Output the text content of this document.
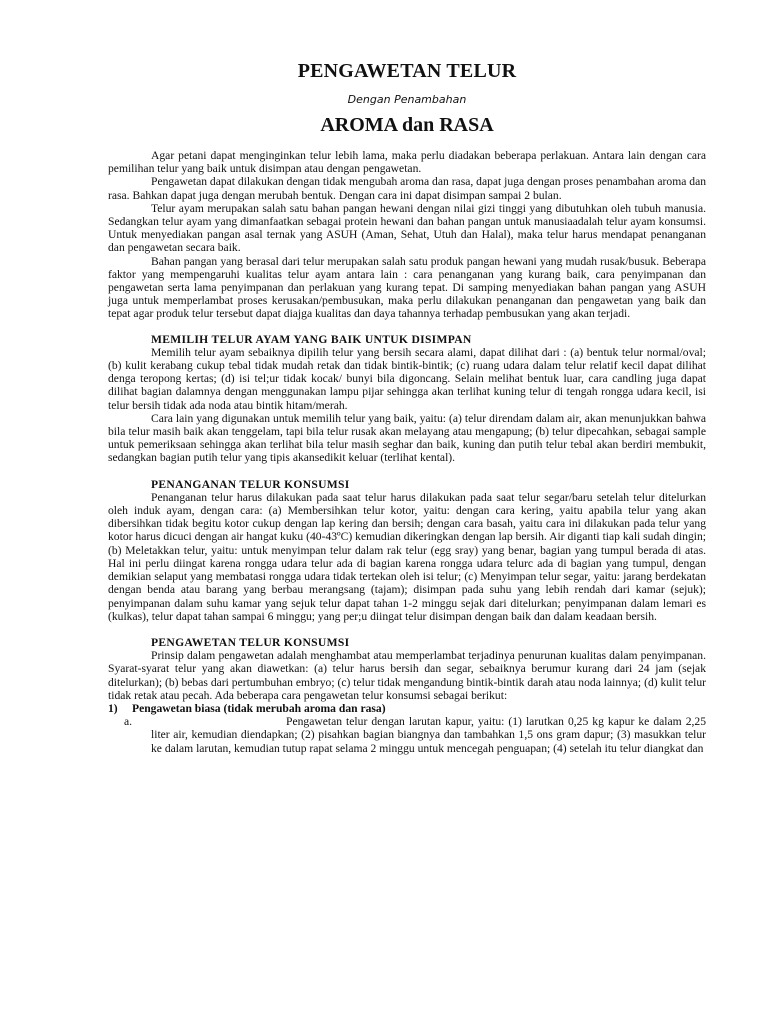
PENGAWETAN TELUR
Dengan Penambahan
AROMA dan RASA

Agar petani dapat menginginkan telur lebih lama, maka perlu diadakan beberapa perlakuan. Antara lain dengan cara pemilihan telur yang baik untuk disimpan atau dengan pengawetan.

Pengawetan dapat dilakukan dengan tidak mengubah aroma dan rasa, dapat juga dengan proses penambahan aroma dan rasa. Bahkan dapat juga dengan merubah bentuk. Dengan cara ini dapat disimpan sampai 2 bulan.

Telur ayam merupakan salah satu bahan pangan hewani dengan nilai gizi tinggi yang dibutuhkan oleh tubuh manusia. Sedangkan telur ayam yang dimanfaatkan sebagai protein hewani dan bahan pangan untuk manusiaadalah telur ayam konsumsi. Untuk menyediakan pangan asal ternak yang ASUH (Aman, Sehat, Utuh dan Halal), maka telur harus mendapat penanganan dan pengawetan secara baik.

Bahan pangan yang berasal dari telur merupakan salah satu produk pangan hewani yang mudah rusak/busuk. Beberapa faktor yang mempengaruhi kualitas telur ayam antara lain : cara penanganan yang kurang baik, cara penyimpanan dan pengawetan serta lama penyimpanan dan perlakuan yang kurang tepat. Di samping menyediakan bahan pangan yang ASUH juga untuk memperlambat proses kerusakan/pembusukan, maka perlu dilakukan penanganan dan pengawetan yang baik dan tepat agar produk telur tersebut dapat diajga kualitas dan daya tahannya terhadap pembusukan yang akan terjadi.

MEMILIH TELUR AYAM YANG BAIK UNTUK DISIMPAN

Memilih telur ayam sebaiknya dipilih telur yang bersih secara alami, dapat dilihat dari : (a) bentuk telur normal/oval; (b) kulit kerabang cukup tebal tidak mudah retak dan tidak bintik-bintik; (c) ruang udara dalam telur relatif kecil dapat dilihat denga teropong kertas; (d) isi tel;ur tidak kocak/ bunyi bila digoncang. Selain melihat bentuk luar, cara candling juga dapat dilihat bagian dalamnya dengan menggunakan lampu pijar sehingga akan terlihat kuning telur di tengah rongga udara kecil, isi telur bersih tidak ada noda atau bintik hitam/merah.

Cara lain yang digunakan untuk memilih telur yang baik, yaitu: (a) telur direndam dalam air, akan menunjukkan bahwa bila telur masih baik akan tenggelam, tapi bila telur rusak akan melayang atau mengapung; (b) telur dipecahkan, sebagai sample untuk pemeriksaan sehingga akan terlihat bila telur masih seghar dan baik, kuning dan putih telur tebal akan berdiri membukit, sedangkan bagian putih telur yang tipis akansedikit keluar (terlihat kental).

PENANGANAN TELUR KONSUMSI

Penanganan telur harus dilakukan pada saat telur harus dilakukan pada saat telur segar/baru setelah telur ditelurkan oleh induk ayam, dengan cara: (a) Membersihkan telur kotor, yaitu: dengan cara kering, yaitu apabila telur yang akan dibersihkan tidak begitu kotor cukup dengan lap kering dan bersih; dengan cara basah, yaitu cara ini dilakukan pada telur yang kotor harus dicuci dengan air hangat kuku (40-43ºC) kemudian dikeringkan dengan lap bersih. Air diganti tiap kali sudah dingin; (b) Meletakkan telur, yaitu: untuk menyimpan telur dalam rak telur (egg sray) yang benar, bagian yang tumpul berada di atas. Hal ini perlu diingat karena rongga udara telur ada di bagian karena rongga udara telurc ada di bagian yang tumpul, dengan demikian selaput yang membatasi rongga udara tidak tertekan oleh isi telur; (c) Menyimpan telur segar, yaitu: jarang berdekatan dengan benda atau barang yang berbau merangsang (tajam); disimpan pada suhu yang lebih rendah dari kamar (sejuk); penyimpanan dalam suhu kamar yang sejuk telur dapat tahan 1-2 minggu sejak dari ditelurkan; penyimpanan dalam lemari es (kulkas), telur dapat tahan sampai 6 minggu; yang per;u diingat telur disimpan dengan baik dan dalam keadaan bersih.

PENGAWETAN TELUR KONSUMSI

Prinsip dalam pengawetan adalah menghambat atau memperlambat terjadinya penurunan kualitas dalam penyimpanan. Syarat-syarat telur yang akan diawetkan: (a) telur harus bersih dan segar, sebaiknya berumur kurang dari 24 jam (sejak ditelurkan); (b) bebas dari pertumbuhan embryo; (c) telur tidak mengandung bintik-bintik darah atau noda lainnya; (d) kulit telur tidak retak atau pecah. Ada beberapa cara pengawetan telur konsumsi sebagai berikut:

1) Pengawetan biasa (tidak merubah aroma dan rasa)
a.	Pengawetan telur dengan larutan kapur, yaitu: (1) larutkan 0,25 kg kapur ke dalam 2,25 liter air, kemudian diendapkan; (2) pisahkan bagian biangnya dan tambahkan 1,5 ons gram dapur; (3) masukkan telur ke dalam larutan, kemudian tutup rapat selama 2 minggu untuk mencegah penguapan; (4) setelah itu telur diangkat dan
